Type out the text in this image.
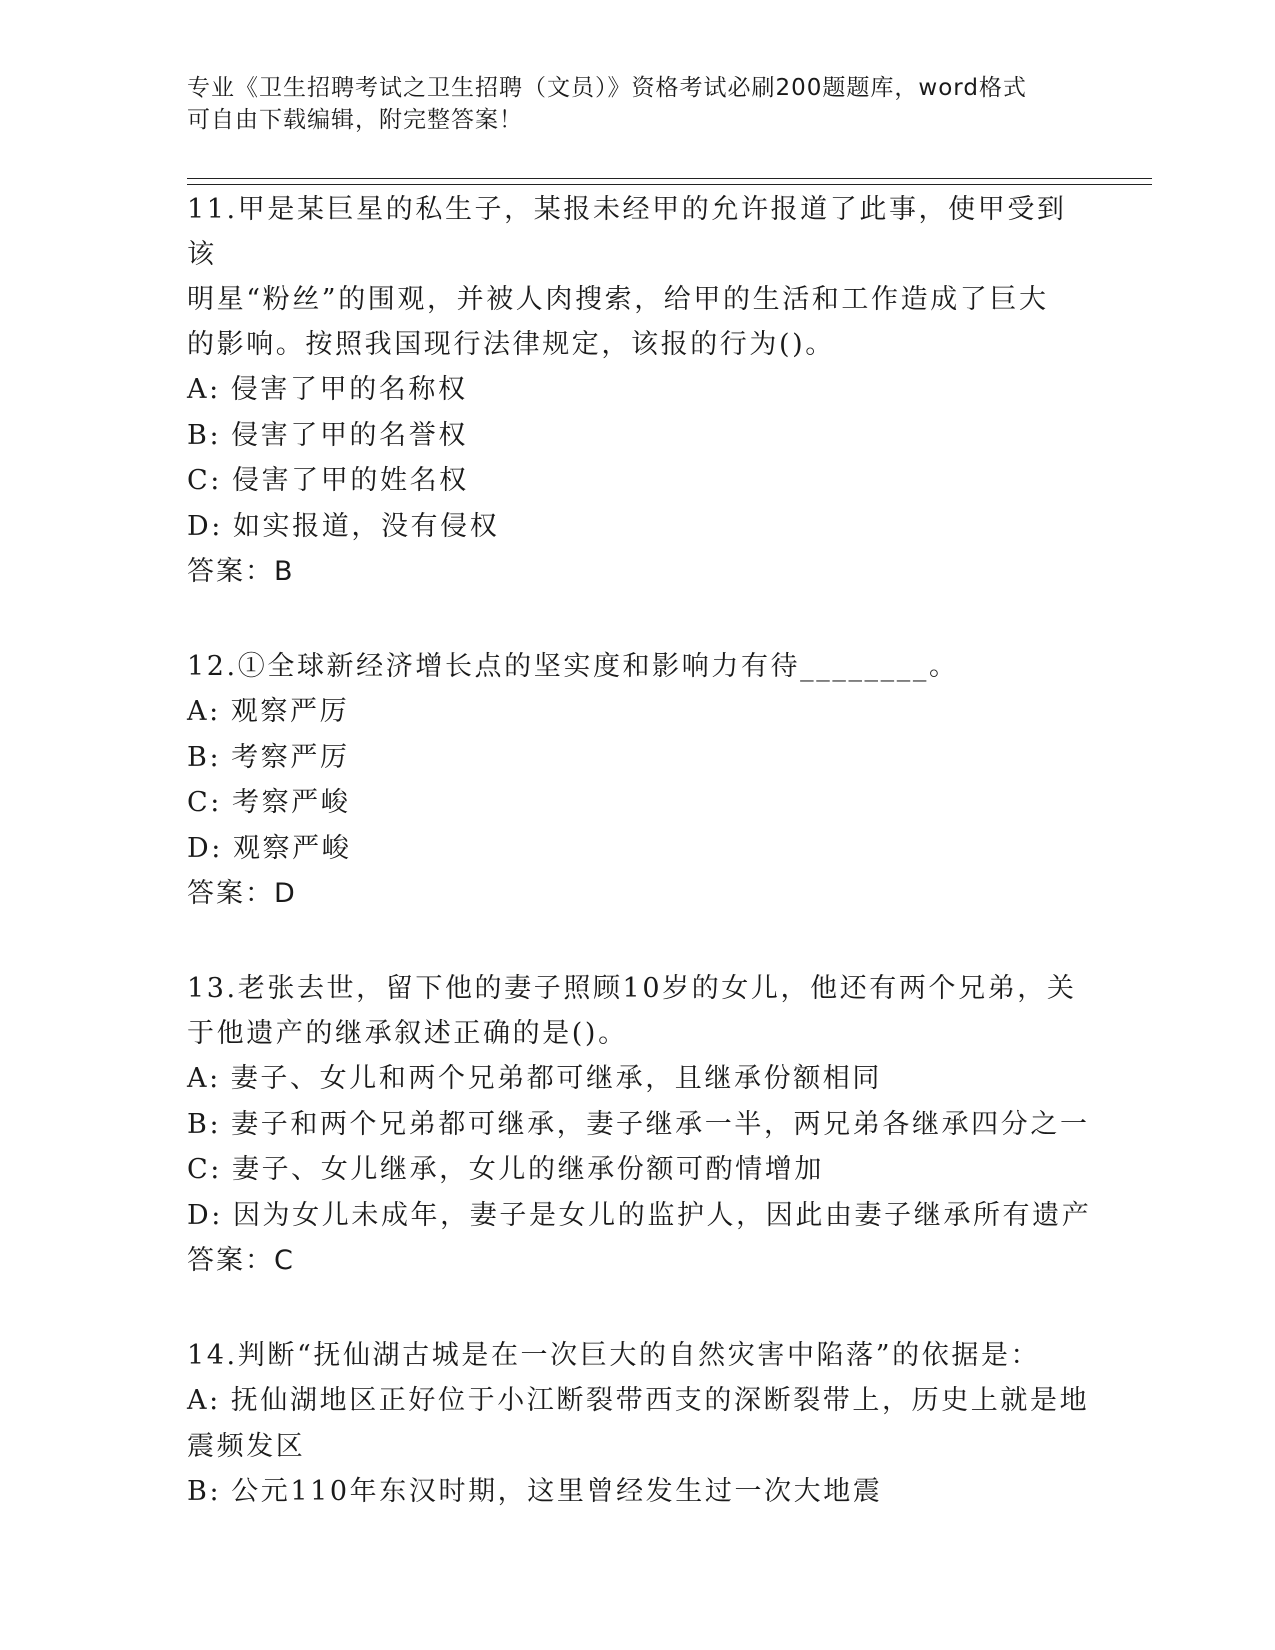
专业《卫生招聘考试之卫生招聘（文员）》资格考试必刷200题题库，word格式
可自由下载编辑，附完整答案！

11.甲是某巨星的私生子，某报未经甲的允许报道了此事，使甲受到该

明星“粉丝”的围观，并被人肉搜索，给甲的生活和工作造成了巨大

的影响。按照我国现行法律规定，该报的行为()。

A: 侵害了甲的名称权

B: 侵害了甲的名誉权

C: 侵害了甲的姓名权

D: 如实报道，没有侵权

答案：B

12.①全球新经济增长点的坚实度和影响力有待________。

A: 观察严厉

B: 考察严厉

C: 考察严峻

D: 观察严峻

答案：D

13.老张去世，留下他的妻子照顾10岁的女儿，他还有两个兄弟，关

于他遗产的继承叙述正确的是()。

A: 妻子、女儿和两个兄弟都可继承，且继承份额相同

B: 妻子和两个兄弟都可继承，妻子继承一半，两兄弟各继承四分之一

C: 妻子、女儿继承，女儿的继承份额可酌情增加

D: 因为女儿未成年，妻子是女儿的监护人，因此由妻子继承所有遗产

答案：C

14.判断“抚仙湖古城是在一次巨大的自然灾害中陷落”的依据是：

A: 抚仙湖地区正好位于小江断裂带西支的深断裂带上，历史上就是地

震频发区

B: 公元110年东汉时期，这里曾经发生过一次大地震
